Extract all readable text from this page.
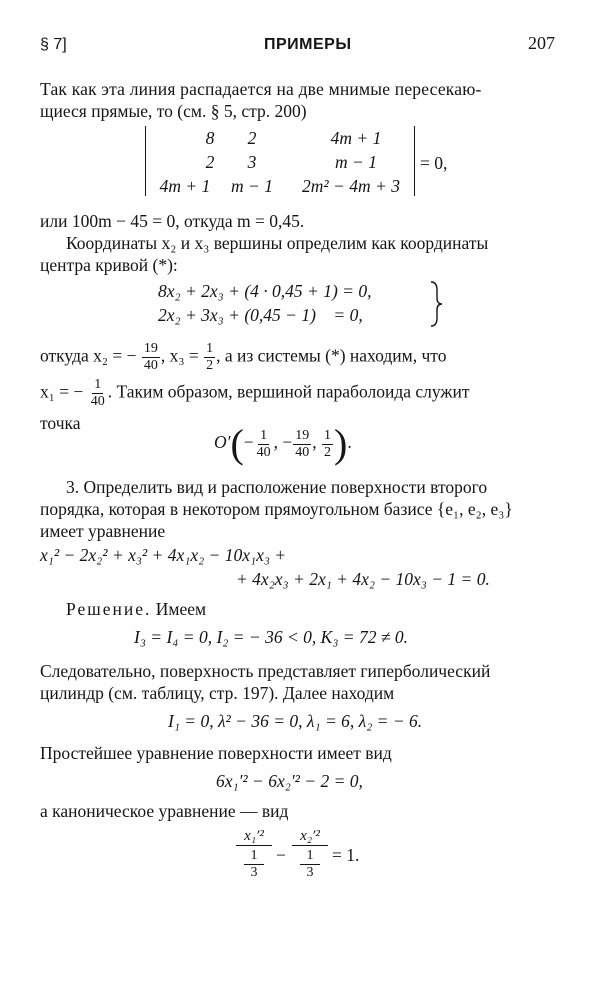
§ 7]	ПРИМЕРЫ	207
Так как эта линия распадается на две мнимые пересекаю-
щиеся прямые, то (см. § 5, стр. 200)
8	2	4m + 1
2	3	m − 1
4m + 1	m − 1	2m² − 4m + 3
= 0,
или 100m − 45 = 0, откуда m = 0,45.
Координаты x₂ и x₃ вершины определим как координаты
центра кривой (*):
8x₂ + 2x₃ + (4 · 0,45 + 1) = 0,
2x₂ + 3x₃ + (0,45 − 1)    = 0,
откуда x₂ = − $\frac{19}{40}$ , $x_3 = \frac{1}{2}$ , а из системы (*) находим, что
x₁ = − $\frac{1}{40}$ . Таким образом, вершиной параболоида служит
точка
$O'(- \frac{1}{40}$ , − $\frac{19}{40}$ , $\frac{1}{2}$ ).
3. Определить вид и расположение поверхности второго
порядка, которая в некотором прямоугольном базисе {e₁, e₂, e₃}
имеет уравнение
x₁² − 2x₂² + x₃² + 4x₁x₂ − 10x₁x₃ +
+ 4x₂x₃ + 2x₁ + 4x₂ − 10x₃ − 1 = 0.
Решение. Имеем
I₃ = I₄ = 0, I₂ = − 36 < 0, K₃ = 72 ≠ 0.
Следовательно, поверхность представляет гиперболический
цилиндр (см. таблицу, стр. 197). Далее находим
I₁ = 0, λ² − 36 = 0, λ₁ = 6, λ₂ = − 6.
Простейшее уравнение поверхности имеет вид
6x₁′² − 6x₂′² − 2 = 0,
а каноническое уравнение — вид
x₁′²
1
3
−
x₂′²
1
3
= 1.
